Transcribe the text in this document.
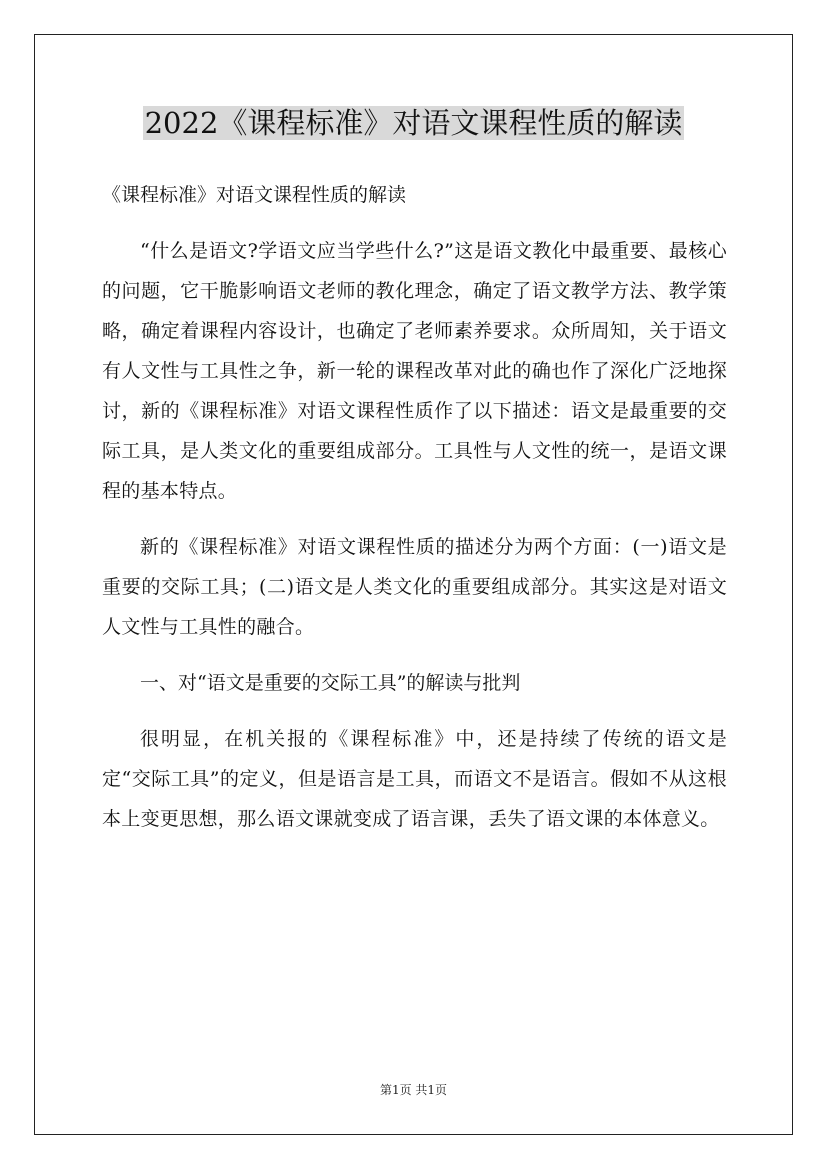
2022《课程标准》对语文课程性质的解读

《课程标准》对语文课程性质的解读

“什么是语文?学语文应当学些什么?”这是语文教化中最重要、最核心的问题，它干脆影响语文老师的教化理念，确定了语文教学方法、教学策略，确定着课程内容设计，也确定了老师素养要求。众所周知，关于语文有人文性与工具性之争，新一轮的课程改革对此的确也作了深化广泛地探讨，新的《课程标准》对语文课程性质作了以下描述：语文是最重要的交际工具，是人类文化的重要组成部分。工具性与人文性的统一，是语文课程的基本特点。

新的《课程标准》对语文课程性质的描述分为两个方面：(一)语文是重要的交际工具；(二)语文是人类文化的重要组成部分。其实这是对语文人文性与工具性的融合。

一、对“语文是重要的交际工具”的解读与批判

很明显，在机关报的《课程标准》中，还是持续了传统的语文是定“交际工具”的定义，但是语言是工具，而语文不是语言。假如不从这根本上变更思想，那么语文课就变成了语言课，丢失了语文课的本体意义。

第1页 共1页
